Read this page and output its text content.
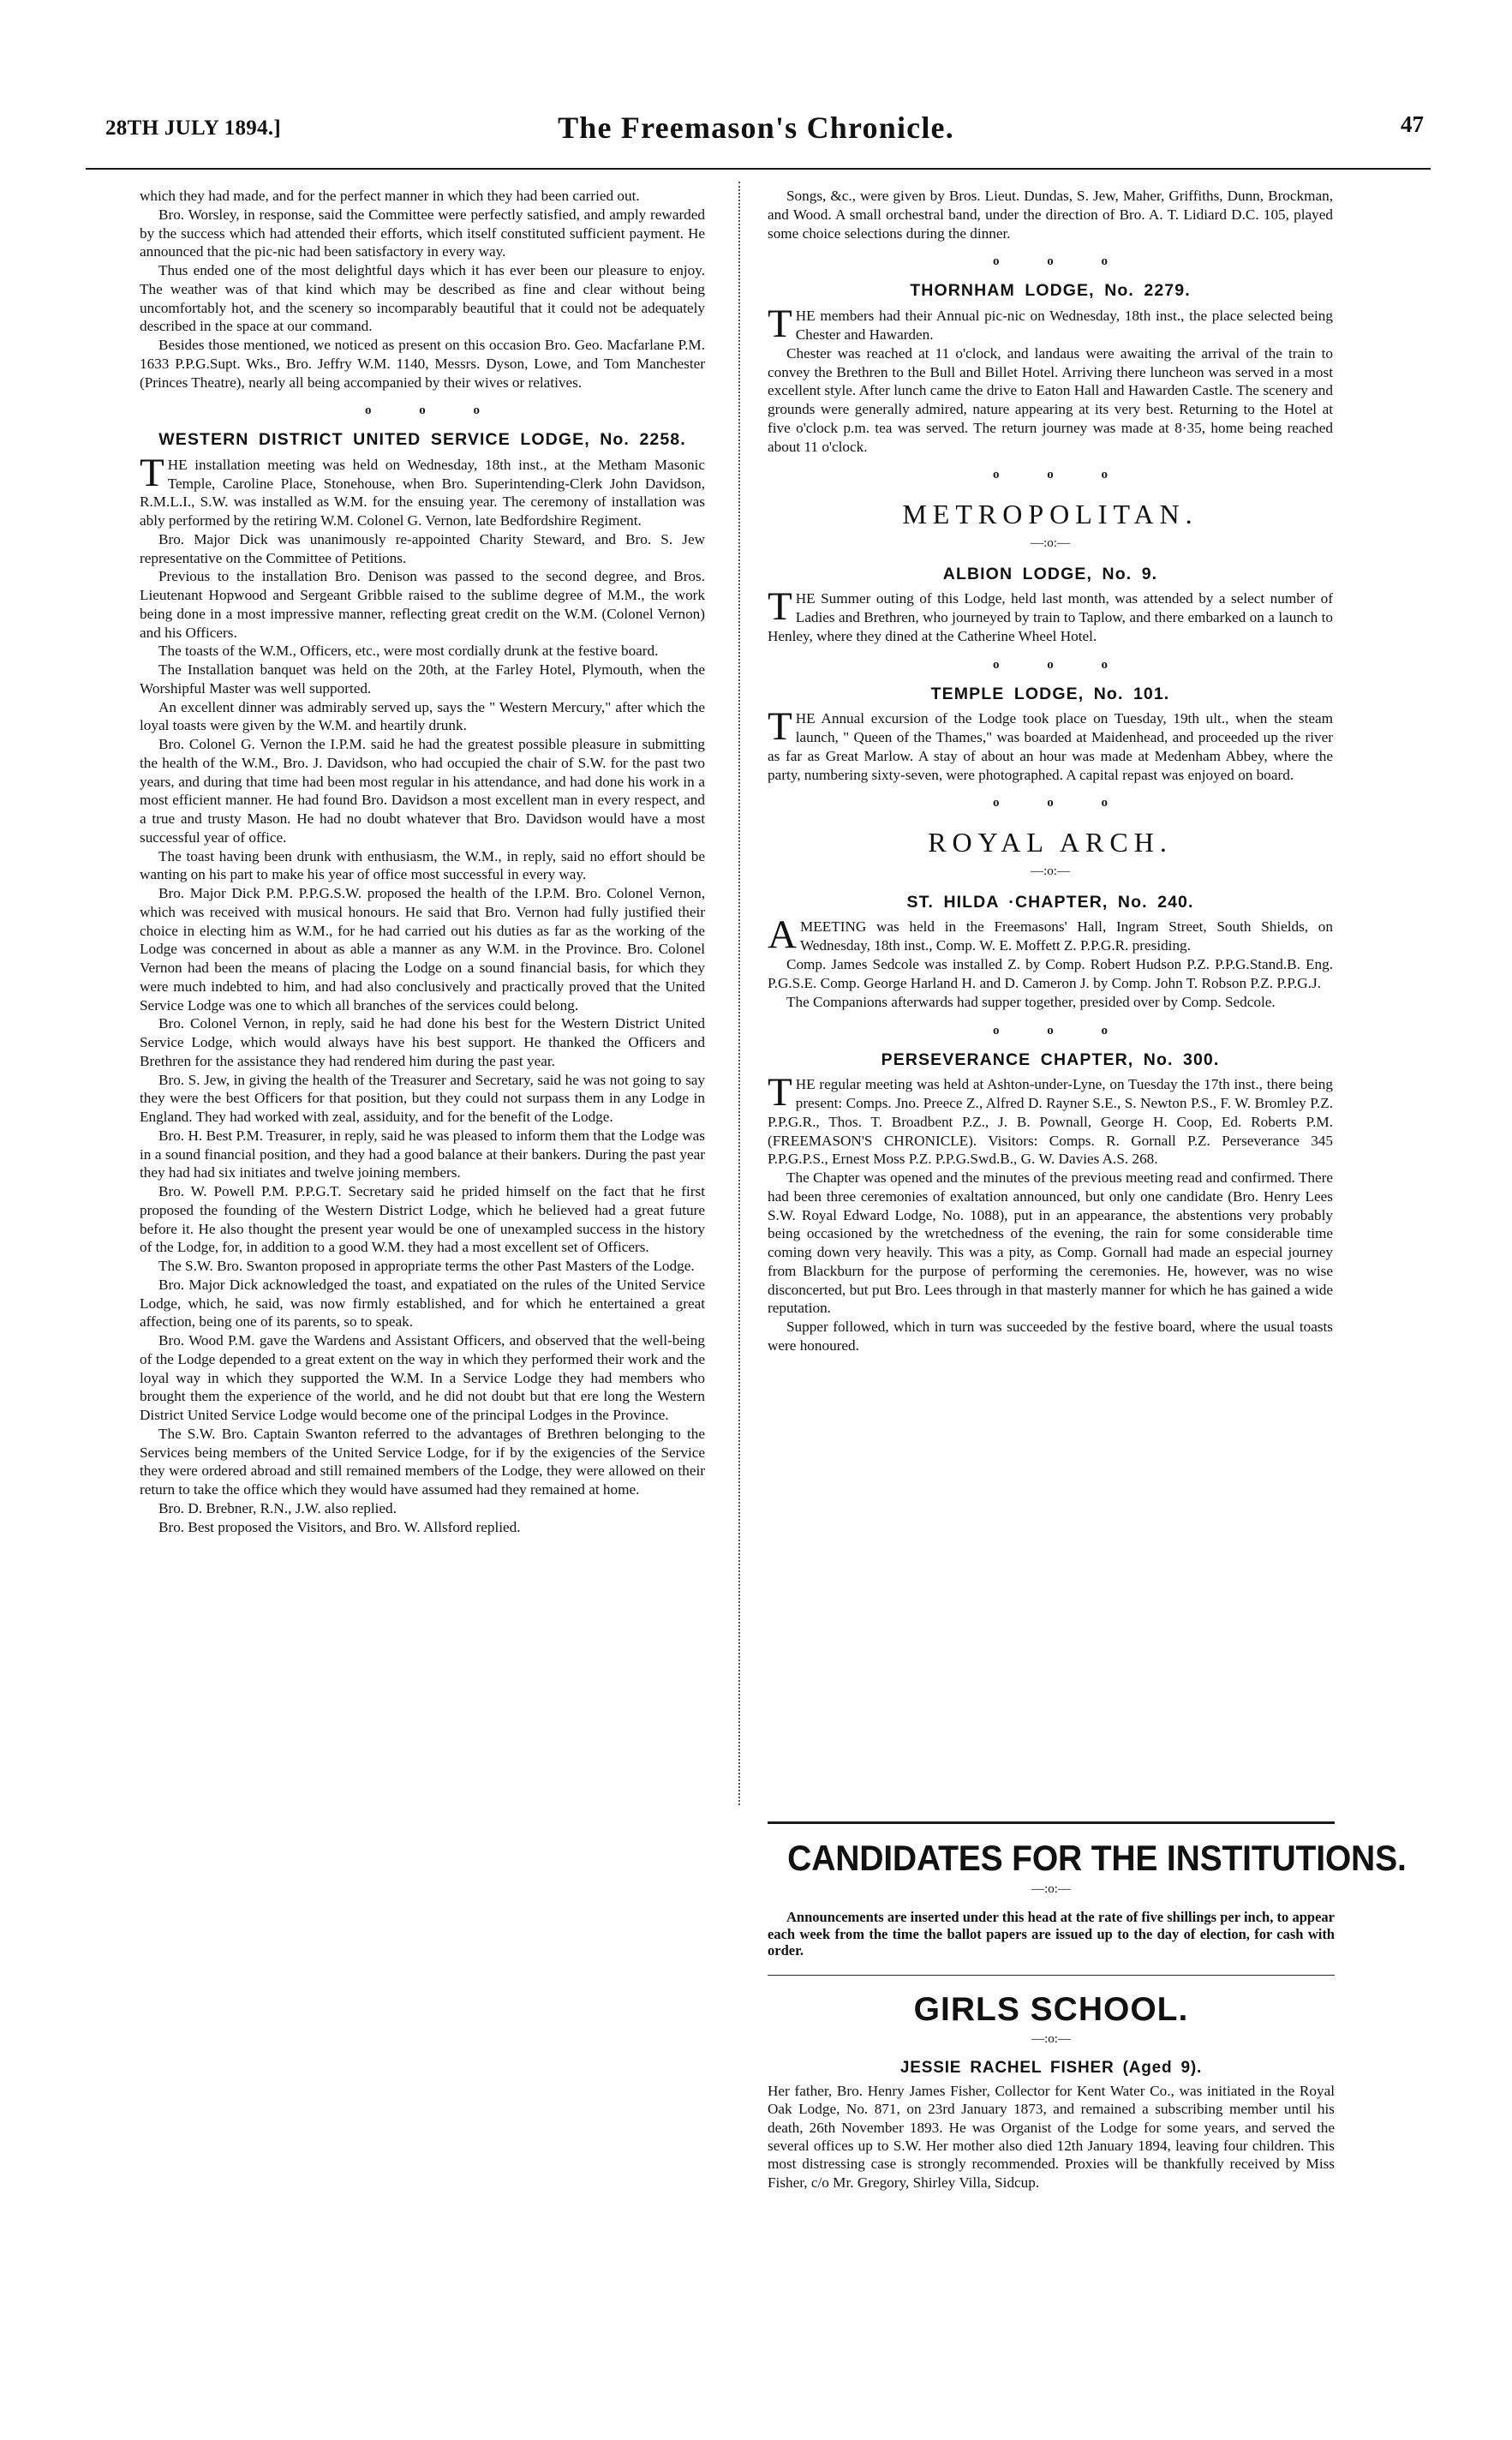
28TH JULY 1894.]	The Freemason's Chronicle.	47

which they had made, and for the perfect manner in which they had been carried out.

Bro. Worsley, in response, said the Committee were perfectly satisfied, and amply rewarded by the success which had attended their efforts, which itself constituted sufficient payment. He announced that the pic-nic had been satisfactory in every way.

Thus ended one of the most delightful days which it has ever been our pleasure to enjoy. The weather was of that kind which may be described as fine and clear without being uncomfortably hot, and the scenery so incomparably beautiful that it could not be adequately described in the space at our command.

Besides those mentioned, we noticed as present on this occasion Bro. Geo. Macfarlane P.M. 1633 P.P.G.Supt. Wks., Bro. Jeffry W.M. 1140, Messrs. Dyson, Lowe, and Tom Manchester (Princes Theatre), nearly all being accompanied by their wives or relatives.

o o o
WESTERN DISTRICT UNITED SERVICE LODGE, No. 2258.

THE installation meeting was held on Wednesday, 18th inst., at the Metham Masonic Temple, Caroline Place, Stonehouse, when Bro. Superintending-Clerk John Davidson, R.M.L.I., S.W. was installed as W.M. for the ensuing year. The ceremony of installation was ably performed by the retiring W.M. Colonel G. Vernon, late Bedfordshire Regiment.

Bro. Major Dick was unanimously re-appointed Charity Steward, and Bro. S. Jew representative on the Committee of Petitions.

Previous to the installation Bro. Denison was passed to the second degree, and Bros. Lieutenant Hopwood and Sergeant Gribble raised to the sublime degree of M.M., the work being done in a most impressive manner, reflecting great credit on the W.M. (Colonel Vernon) and his Officers.

The toasts of the W.M., Officers, etc., were most cordially drunk at the festive board.

The Installation banquet was held on the 20th, at the Farley Hotel, Plymouth, when the Worshipful Master was well supported.

An excellent dinner was admirably served up, says the " Western Mercury," after which the loyal toasts were given by the W.M. and heartily drunk.

Bro. Colonel G. Vernon the I.P.M. said he had the greatest possible pleasure in submitting the health of the W.M., Bro. J. Davidson, who had occupied the chair of S.W. for the past two years, and during that time had been most regular in his attendance, and had done his work in a most efficient manner. He had found Bro. Davidson a most excellent man in every respect, and a true and trusty Mason. He had no doubt whatever that Bro. Davidson would have a most successful year of office.

The toast having been drunk with enthusiasm, the W.M., in reply, said no effort should be wanting on his part to make his year of office most successful in every way.

Bro. Major Dick P.M. P.P.G.S.W. proposed the health of the I.P.M. Bro. Colonel Vernon, which was received with musical honours. He said that Bro. Vernon had fully justified their choice in electing him as W.M., for he had carried out his duties as far as the working of the Lodge was concerned in about as able a manner as any W.M. in the Province. Bro. Colonel Vernon had been the means of placing the Lodge on a sound financial basis, for which they were much indebted to him, and had also conclusively and practically proved that the United Service Lodge was one to which all branches of the services could belong.

Bro. Colonel Vernon, in reply, said he had done his best for the Western District United Service Lodge, which would always have his best support. He thanked the Officers and Brethren for the assistance they had rendered him during the past year.

Bro. S. Jew, in giving the health of the Treasurer and Secretary, said he was not going to say they were the best Officers for that position, but they could not surpass them in any Lodge in England. They had worked with zeal, assiduity, and for the benefit of the Lodge.

Bro. H. Best P.M. Treasurer, in reply, said he was pleased to inform them that the Lodge was in a sound financial position, and they had a good balance at their bankers. During the past year they had had six initiates and twelve joining members.

Bro. W. Powell P.M. P.P.G.T. Secretary said he prided himself on the fact that he first proposed the founding of the Western District Lodge, which he believed had a great future before it. He also thought the present year would be one of unexampled success in the history of the Lodge, for, in addition to a good W.M. they had a most excellent set of Officers.

The S.W. Bro. Swanton proposed in appropriate terms the other Past Masters of the Lodge.

Bro. Major Dick acknowledged the toast, and expatiated on the rules of the United Service Lodge, which, he said, was now firmly established, and for which he entertained a great affection, being one of its parents, so to speak.

Bro. Wood P.M. gave the Wardens and Assistant Officers, and observed that the well-being of the Lodge depended to a great extent on the way in which they performed their work and the loyal way in which they supported the W.M. In a Service Lodge they had members who brought them the experience of the world, and he did not doubt but that ere long the Western District United Service Lodge would become one of the principal Lodges in the Province.

The S.W. Bro. Captain Swanton referred to the advantages of Brethren belonging to the Services being members of the United Service Lodge, for if by the exigencies of the Service they were ordered abroad and still remained members of the Lodge, they were allowed on their return to take the office which they would have assumed had they remained at home.

Bro. D. Brebner, R.N., J.W. also replied.

Bro. Best proposed the Visitors, and Bro. W. Allsford replied.

Songs, &c., were given by Bros. Lieut. Dundas, S. Jew, Maher, Griffiths, Dunn, Brockman, and Wood. A small orchestral band, under the direction of Bro. A. T. Lidiard D.C. 105, played some choice selections during the dinner.

o o o
THORNHAM LODGE, No. 2279.

THE members had their Annual pic-nic on Wednesday, 18th inst., the place selected being Chester and Hawarden.

Chester was reached at 11 o'clock, and landaus were awaiting the arrival of the train to convey the Brethren to the Bull and Billet Hotel. Arriving there luncheon was served in a most excellent style. After lunch came the drive to Eaton Hall and Hawarden Castle. The scenery and grounds were generally admired, nature appearing at its very best. Returning to the Hotel at five o'clock p.m. tea was served. The return journey was made at 8·35, home being reached about 11 o'clock.

o o o
METROPOLITAN.
—:o:—
ALBION LODGE, No. 9.

THE Summer outing of this Lodge, held last month, was attended by a select number of Ladies and Brethren, who journeyed by train to Taplow, and there embarked on a launch to Henley, where they dined at the Catherine Wheel Hotel.

o o o
TEMPLE LODGE, No. 101.

THE Annual excursion of the Lodge took place on Tuesday, 19th ult., when the steam launch, " Queen of the Thames," was boarded at Maidenhead, and proceeded up the river as far as Great Marlow. A stay of about an hour was made at Medenham Abbey, where the party, numbering sixty-seven, were photographed. A capital repast was enjoyed on board.

o o o
ROYAL ARCH.
—:o:—
ST. HILDA ·CHAPTER, No. 240.

A MEETING was held in the Freemasons' Hall, Ingram Street, South Shields, on Wednesday, 18th inst., Comp. W. E. Moffett Z. P.P.G.R. presiding.

Comp. James Sedcole was installed Z. by Comp. Robert Hudson P.Z. P.P.G.Stand.B. Eng. P.G.S.E. Comp. George Harland H. and D. Cameron J. by Comp. John T. Robson P.Z. P.P.G.J.

The Companions afterwards had supper together, presided over by Comp. Sedcole.

o o o
PERSEVERANCE CHAPTER, No. 300.

THE regular meeting was held at Ashton-under-Lyne, on Tuesday the 17th inst., there being present: Comps. Jno. Preece Z., Alfred D. Rayner S.E., S. Newton P.S., F. W. Bromley P.Z. P.P.G.R., Thos. T. Broadbent P.Z., J. B. Pownall, George H. Coop, Ed. Roberts P.M. (FREEMASON'S CHRONICLE). Visitors: Comps. R. Gornall P.Z. Perseverance 345 P.P.G.P.S., Ernest Moss P.Z. P.P.G.Swd.B., G. W. Davies A.S. 268.

The Chapter was opened and the minutes of the previous meeting read and confirmed. There had been three ceremonies of exaltation announced, but only one candidate (Bro. Henry Lees S.W. Royal Edward Lodge, No. 1088), put in an appearance, the abstentions very probably being occasioned by the wretchedness of the evening, the rain for some considerable time coming down very heavily. This was a pity, as Comp. Gornall had made an especial journey from Blackburn for the purpose of performing the ceremonies. He, however, was no wise disconcerted, but put Bro. Lees through in that masterly manner for which he has gained a wide reputation.

Supper followed, which in turn was succeeded by the festive board, where the usual toasts were honoured.

CANDIDATES FOR THE INSTITUTIONS.
—:o:—

Announcements are inserted under this head at the rate of five shillings per inch, to appear each week from the time the ballot papers are issued up to the day of election, for cash with order.

GIRLS SCHOOL.
—:o:—
JESSIE RACHEL FISHER (Aged 9).

Her father, Bro. Henry James Fisher, Collector for Kent Water Co., was initiated in the Royal Oak Lodge, No. 871, on 23rd January 1873, and remained a subscribing member until his death, 26th November 1893. He was Organist of the Lodge for some years, and served the several offices up to S.W. Her mother also died 12th January 1894, leaving four children. This most distressing case is strongly recommended. Proxies will be thankfully received by Miss Fisher, c/o Mr. Gregory, Shirley Villa, Sidcup.
